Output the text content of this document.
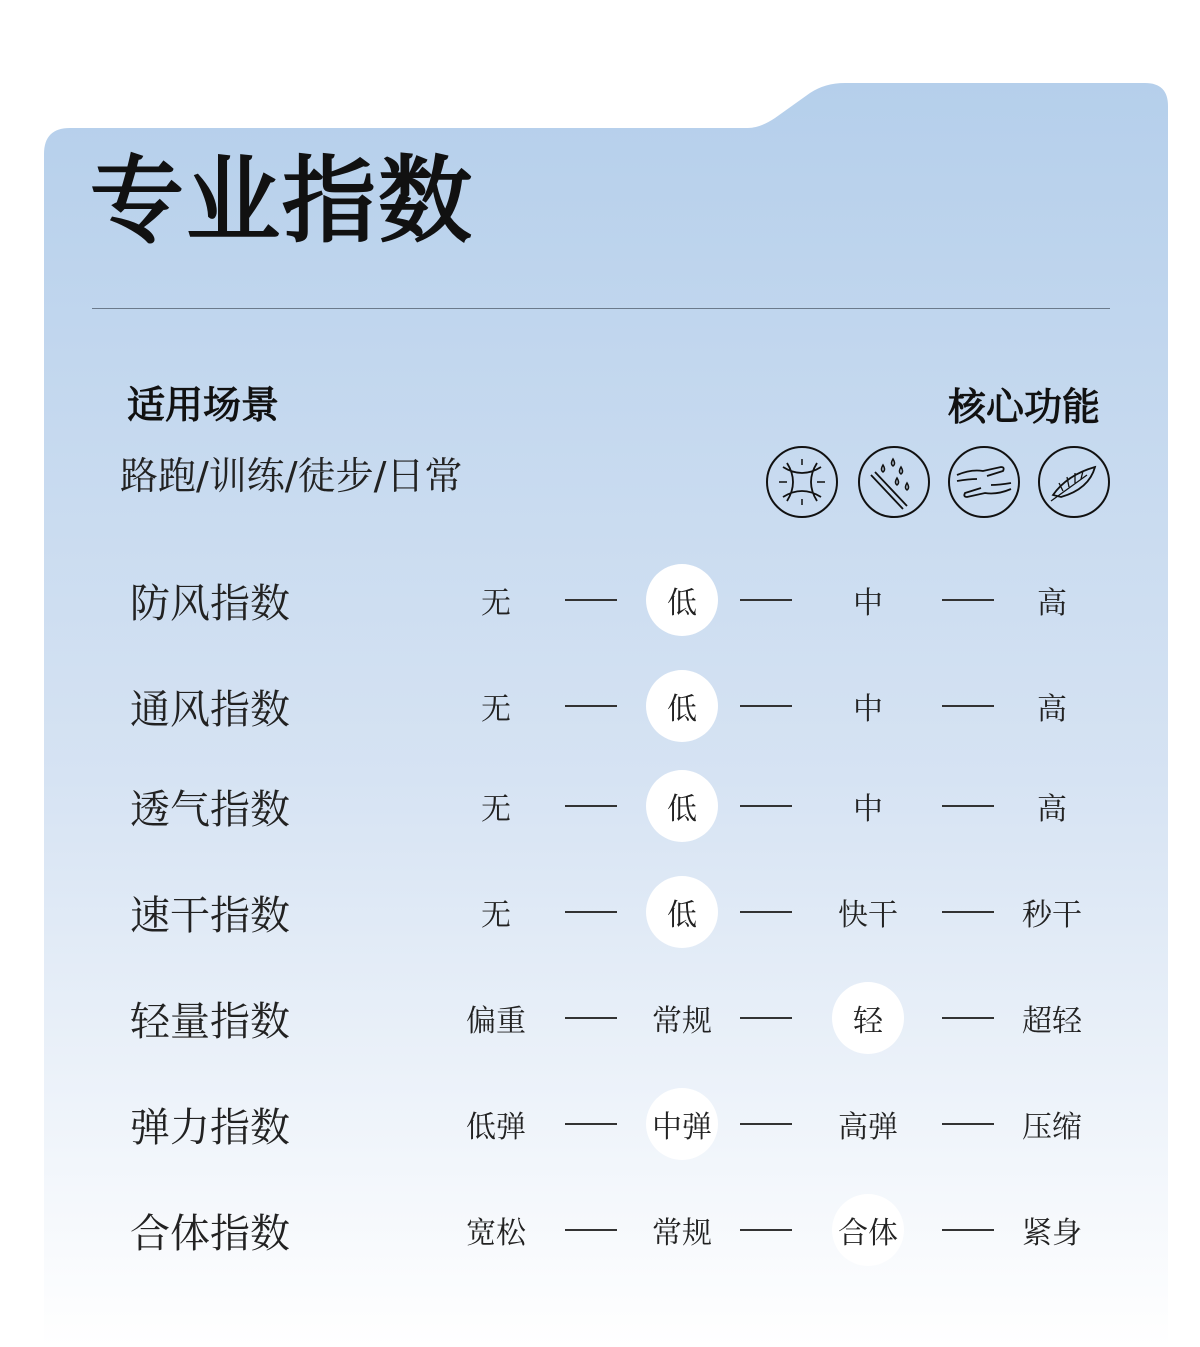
专业指数
适用场景
路跑/训练/徒步/日常
核心功能
防风指数	无	低	中	高
通风指数	无	低	中	高
透气指数	无	低	中	高
速干指数	无	低	快干	秒干
轻量指数	偏重	常规	轻	超轻
弹力指数	低弹	中弹	高弹	压缩
合体指数	宽松	常规	合体	紧身
